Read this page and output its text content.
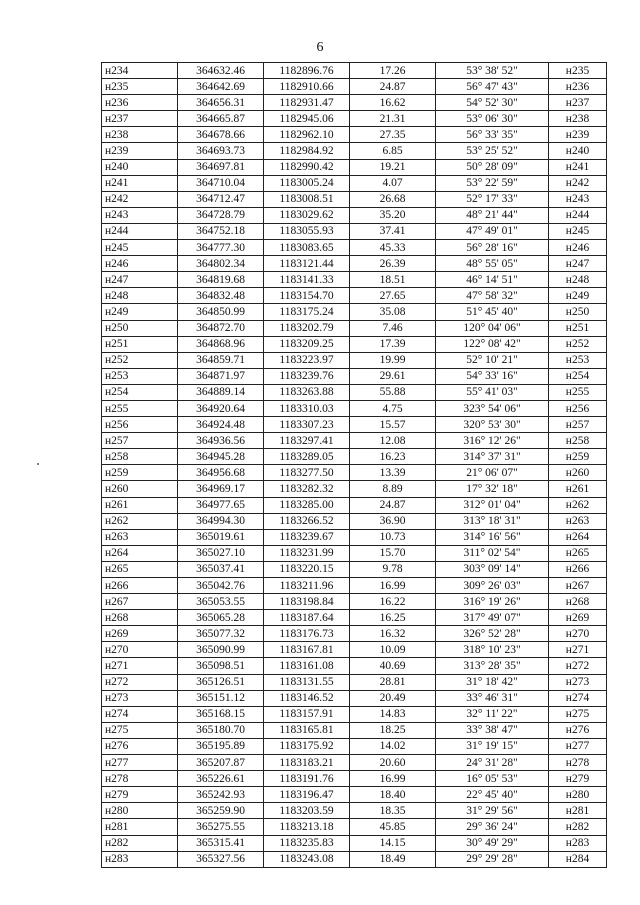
6
н234	364632.46	1182896.76	17.26	53° 38' 52"	н235
н235	364642.69	1182910.66	24.87	56° 47' 43"	н236
н236	364656.31	1182931.47	16.62	54° 52' 30"	н237
н237	364665.87	1182945.06	21.31	53° 06' 30"	н238
н238	364678.66	1182962.10	27.35	56° 33' 35"	н239
н239	364693.73	1182984.92	6.85	53° 25' 52"	н240
н240	364697.81	1182990.42	19.21	50° 28' 09"	н241
н241	364710.04	1183005.24	4.07	53° 22' 59"	н242
н242	364712.47	1183008.51	26.68	52° 17' 33"	н243
н243	364728.79	1183029.62	35.20	48° 21' 44"	н244
н244	364752.18	1183055.93	37.41	47° 49' 01"	н245
н245	364777.30	1183083.65	45.33	56° 28' 16"	н246
н246	364802.34	1183121.44	26.39	48° 55' 05"	н247
н247	364819.68	1183141.33	18.51	46° 14' 51"	н248
н248	364832.48	1183154.70	27.65	47° 58' 32"	н249
н249	364850.99	1183175.24	35.08	51° 45' 40"	н250
н250	364872.70	1183202.79	7.46	120° 04' 06"	н251
н251	364868.96	1183209.25	17.39	122° 08' 42"	н252
н252	364859.71	1183223.97	19.99	52° 10' 21"	н253
н253	364871.97	1183239.76	29.61	54° 33' 16"	н254
н254	364889.14	1183263.88	55.88	55° 41' 03"	н255
н255	364920.64	1183310.03	4.75	323° 54' 06"	н256
н256	364924.48	1183307.23	15.57	320° 53' 30"	н257
н257	364936.56	1183297.41	12.08	316° 12' 26"	н258
н258	364945.28	1183289.05	16.23	314° 37' 31"	н259
н259	364956.68	1183277.50	13.39	21° 06' 07"	н260
н260	364969.17	1183282.32	8.89	17° 32' 18"	н261
н261	364977.65	1183285.00	24.87	312° 01' 04"	н262
н262	364994.30	1183266.52	36.90	313° 18' 31"	н263
н263	365019.61	1183239.67	10.73	314° 16' 56"	н264
н264	365027.10	1183231.99	15.70	311° 02' 54"	н265
н265	365037.41	1183220.15	9.78	303° 09' 14"	н266
н266	365042.76	1183211.96	16.99	309° 26' 03"	н267
н267	365053.55	1183198.84	16.22	316° 19' 26"	н268
н268	365065.28	1183187.64	16.25	317° 49' 07"	н269
н269	365077.32	1183176.73	16.32	326° 52' 28"	н270
н270	365090.99	1183167.81	10.09	318° 10' 23"	н271
н271	365098.51	1183161.08	40.69	313° 28' 35"	н272
н272	365126.51	1183131.55	28.81	31° 18' 42"	н273
н273	365151.12	1183146.52	20.49	33° 46' 31"	н274
н274	365168.15	1183157.91	14.83	32° 11' 22"	н275
н275	365180.70	1183165.81	18.25	33° 38' 47"	н276
н276	365195.89	1183175.92	14.02	31° 19' 15"	н277
н277	365207.87	1183183.21	20.60	24° 31' 28"	н278
н278	365226.61	1183191.76	16.99	16° 05' 53"	н279
н279	365242.93	1183196.47	18.40	22° 45' 40"	н280
н280	365259.90	1183203.59	18.35	31° 29' 56"	н281
н281	365275.55	1183213.18	45.85	29° 36' 24"	н282
н282	365315.41	1183235.83	14.15	30° 49' 29"	н283
н283	365327.56	1183243.08	18.49	29° 29' 28"	н284
